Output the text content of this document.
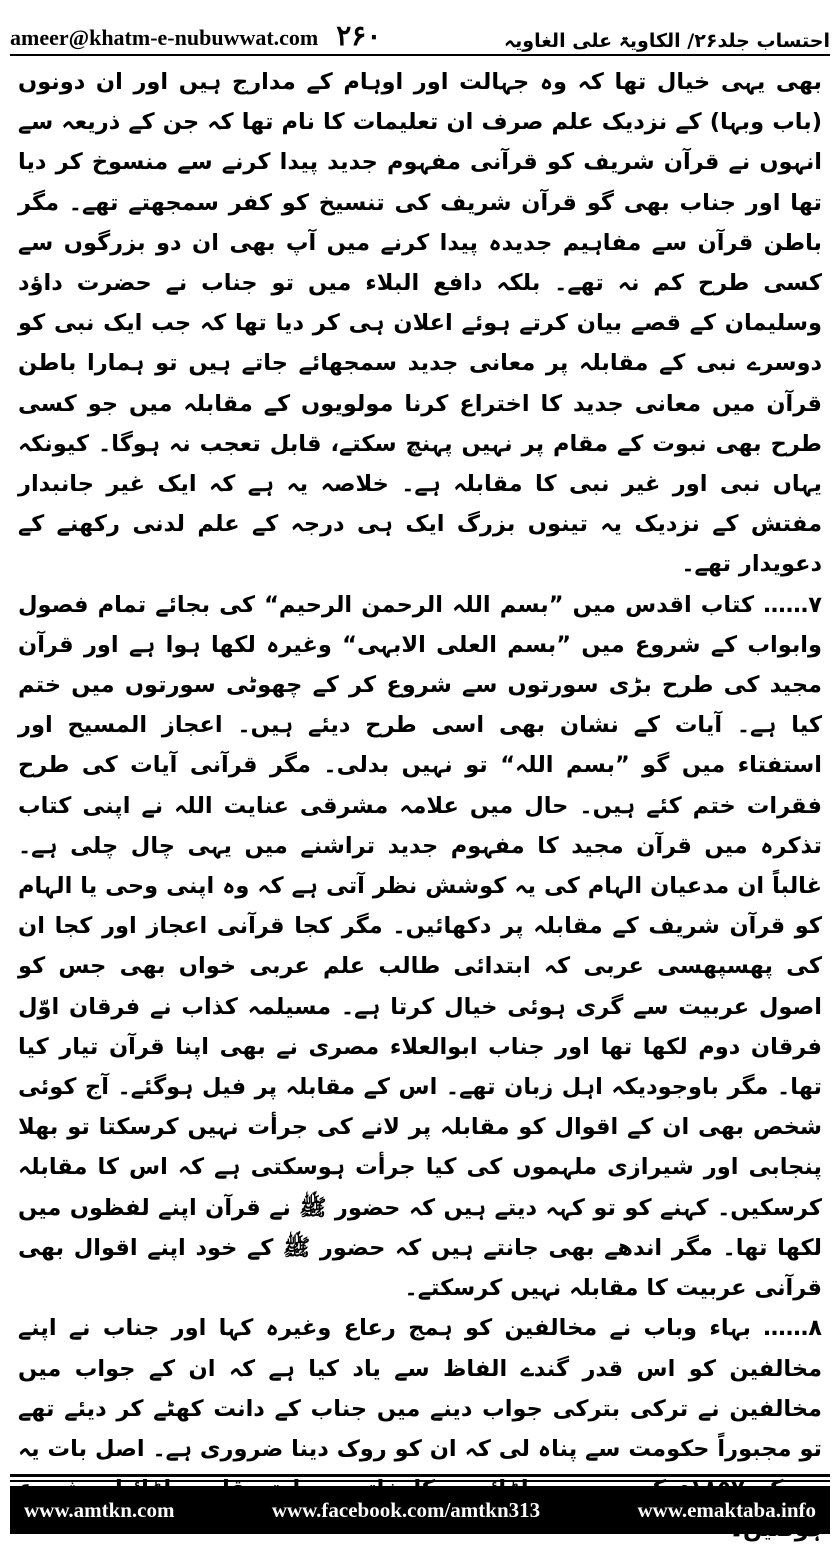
ameer@khatm-e-nubuwwat.com ۲۶۰	احتساب جلد۲۶/ الکاویۃ علی الغاویہ

بھی یہی خیال تھا کہ وہ جہالت اور اوہام کے مدارج ہیں اور ان دونوں (باب وبہا) کے نزدیک علم صرف ان تعلیمات کا نام تھا کہ جن کے ذریعہ سے انہوں نے قرآن شریف کو قرآنی مفہوم جدید پیدا کرنے سے منسوخ کر دیا تھا اور جناب بھی گو قرآن شریف کی تنسیخ کو کفر سمجھتے تھے۔ مگر باطن قرآن سے مفاہیم جدیدہ پیدا کرنے میں آپ بھی ان دو بزرگوں سے کسی طرح کم نہ تھے۔ بلکہ دافع البلاء میں تو جناب نے حضرت داؤد وسلیمان کے قصے بیان کرتے ہوئے اعلان ہی کر دیا تھا کہ جب ایک نبی کو دوسرے نبی کے مقابلہ پر معانی جدید سمجھائے جاتے ہیں تو ہمارا باطن قرآن میں معانی جدید کا اختراع کرنا مولویوں کے مقابلہ میں جو کسی طرح بھی نبوت کے مقام پر نہیں پہنچ سکتے، قابل تعجب نہ ہوگا۔ کیونکہ یہاں نبی اور غیر نبی کا مقابلہ ہے۔ خلاصہ یہ ہے کہ ایک غیر جانبدار مفتش کے نزدیک یہ تینوں بزرگ ایک ہی درجہ کے علم لدنی رکھنے کے دعویدار تھے۔

۷…… کتاب اقدس میں ”بسم اللہ الرحمن الرحیم“ کی بجائے تمام فصول وابواب کے شروع میں ”بسم العلی الابہی“ وغیرہ لکھا ہوا ہے اور قرآن مجید کی طرح بڑی سورتوں سے شروع کر کے چھوٹی سورتوں میں ختم کیا ہے۔ آیات کے نشان بھی اسی طرح دیئے ہیں۔ اعجاز المسیح اور استفتاء میں گو ”بسم اللہ“ تو نہیں بدلی۔ مگر قرآنی آیات کی طرح فقرات ختم کئے ہیں۔ حال میں علامہ مشرقی عنایت اللہ نے اپنی کتاب تذکرہ میں قرآن مجید کا مفہوم جدید تراشنے میں یہی چال چلی ہے۔ غالباً ان مدعیان الہام کی یہ کوشش نظر آتی ہے کہ وہ اپنی وحی یا الہام کو قرآن شریف کے مقابلہ پر دکھائیں۔ مگر کجا قرآنی اعجاز اور کجا ان کی پھسپھسی عربی کہ ابتدائی طالب علم عربی خواں بھی جس کو اصول عربیت سے گری ہوئی خیال کرتا ہے۔ مسیلمہ کذاب نے فرقان اوّل فرقان دوم لکھا تھا اور جناب ابوالعلاء مصری نے بھی اپنا قرآن تیار کیا تھا۔ مگر باوجودیکہ اہل زبان تھے۔ اس کے مقابلہ پر فیل ہوگئے۔ آج کوئی شخص بھی ان کے اقوال کو مقابلہ پر لانے کی جرأت نہیں کرسکتا تو بھلا پنجابی اور شیرازی ملہموں کی کیا جرأت ہوسکتی ہے کہ اس کا مقابلہ کرسکیں۔ کہنے کو تو کہہ دیتے ہیں کہ حضور ﷺ نے قرآن اپنے لفظوں میں لکھا تھا۔ مگر اندھے بھی جانتے ہیں کہ حضور ﷺ کے خود اپنے اقوال بھی قرآنی عربیت کا مقابلہ نہیں کرسکتے۔

۸…… بہاء وباب نے مخالفین کو ہمج رعاع وغیرہ کہا اور جناب نے اپنے مخالفین کو اس قدر گندے الفاظ سے یاد کیا ہے کہ ان کے جواب میں مخالفین نے ترکی بترکی جواب دینے میں جناب کے دانت کھٹے کر دیئے تھے تو مجبوراً حکومت سے پناہ لی کہ ان کو روک دینا ضروری ہے۔ اصل بات یہ

www.amtkn.com	www.facebook.com/amtkn313	www.emaktaba.info
